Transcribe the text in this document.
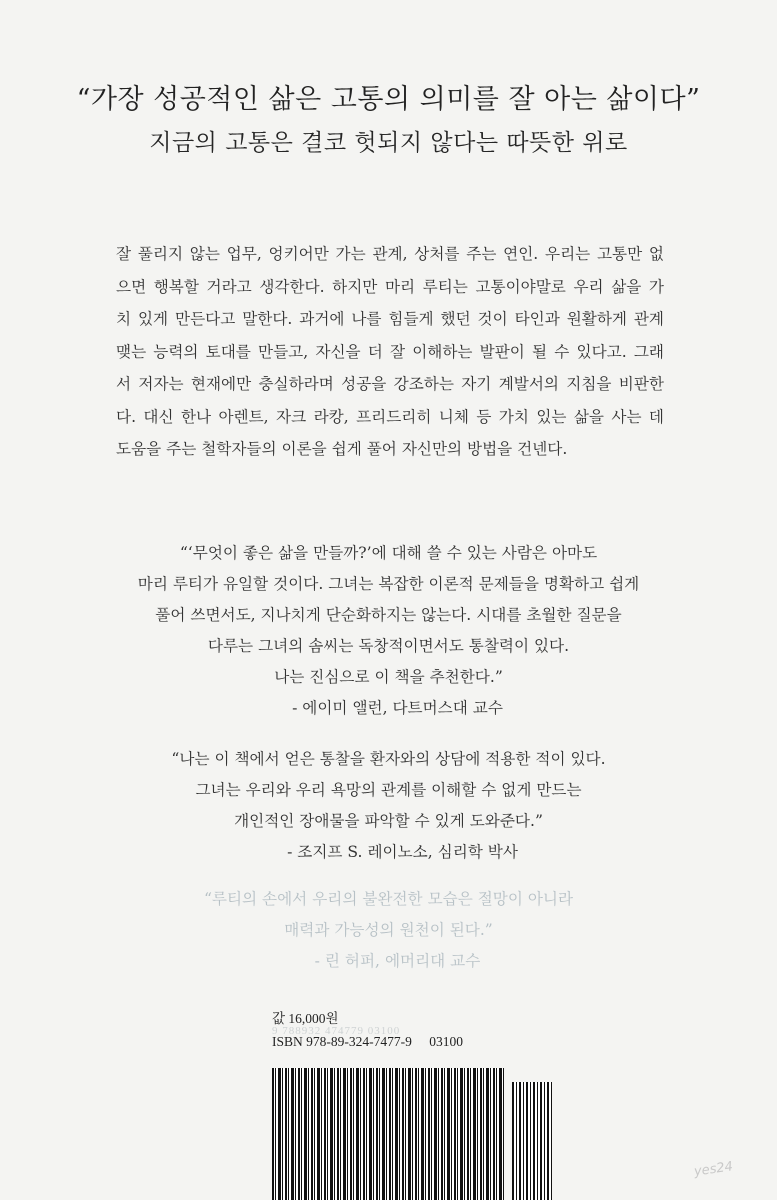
“가장 성공적인 삶은 고통의 의미를 잘 아는 삶이다”
지금의 고통은 결코 헛되지 않다는 따뜻한 위로
잘 풀리지 않는 업무, 엉키어만 가는 관계, 상처를 주는 연인. 우리는 고통만 없
으면 행복할 거라고 생각한다. 하지만 마리 루티는 고통이야말로 우리 삶을 가
치 있게 만든다고 말한다. 과거에 나를 힘들게 했던 것이 타인과 원활하게 관계
맺는 능력의 토대를 만들고, 자신을 더 잘 이해하는 발판이 될 수 있다고. 그래
서 저자는 현재에만 충실하라며 성공을 강조하는 자기 계발서의 지침을 비판한
다. 대신 한나 아렌트, 자크 라캉, 프리드리히 니체 등 가치 있는 삶을 사는 데
도움을 주는 철학자들의 이론을 쉽게 풀어 자신만의 방법을 건넨다.
“‘무엇이 좋은 삶을 만들까?’에 대해 쓸 수 있는 사람은 아마도
마리 루티가 유일할 것이다. 그녀는 복잡한 이론적 문제들을 명확하고 쉽게
풀어 쓰면서도, 지나치게 단순화하지는 않는다. 시대를 초월한 질문을
다루는 그녀의 솜씨는 독창적이면서도 통찰력이 있다.
나는 진심으로 이 책을 추천한다.”
- 에이미 앨런, 다트머스대 교수
“나는 이 책에서 얻은 통찰을 환자와의 상담에 적용한 적이 있다.
그녀는 우리와 우리 욕망의 관계를 이해할 수 없게 만드는
개인적인 장애물을 파악할 수 있게 도와준다.”
- 조지프 S. 레이노소, 심리학 박사
“루티의 손에서 우리의 불완전한 모습은 절망이 아니라
매력과 가능성의 원천이 된다.”
- 린 허퍼, 에머리대 교수
값 16,000원
9 788932 474779 03100
ISBN 978-89-324-7477-9 03100
yes24
